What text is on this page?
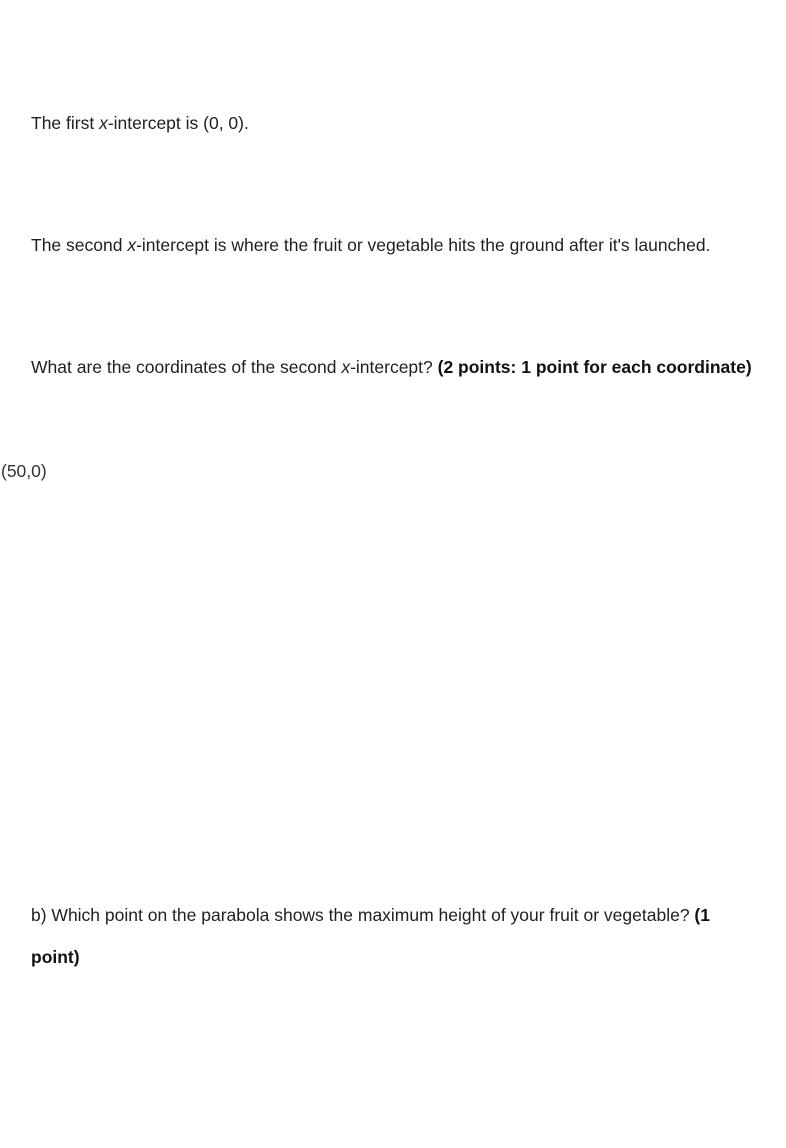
The first x-intercept is (0, 0).
The second x-intercept is where the fruit or vegetable hits the ground after it's launched.
What are the coordinates of the second x-intercept? (2 points: 1 point for each coordinate)
(50,0)
b) Which point on the parabola shows the maximum height of your fruit or vegetable? (1
point)
